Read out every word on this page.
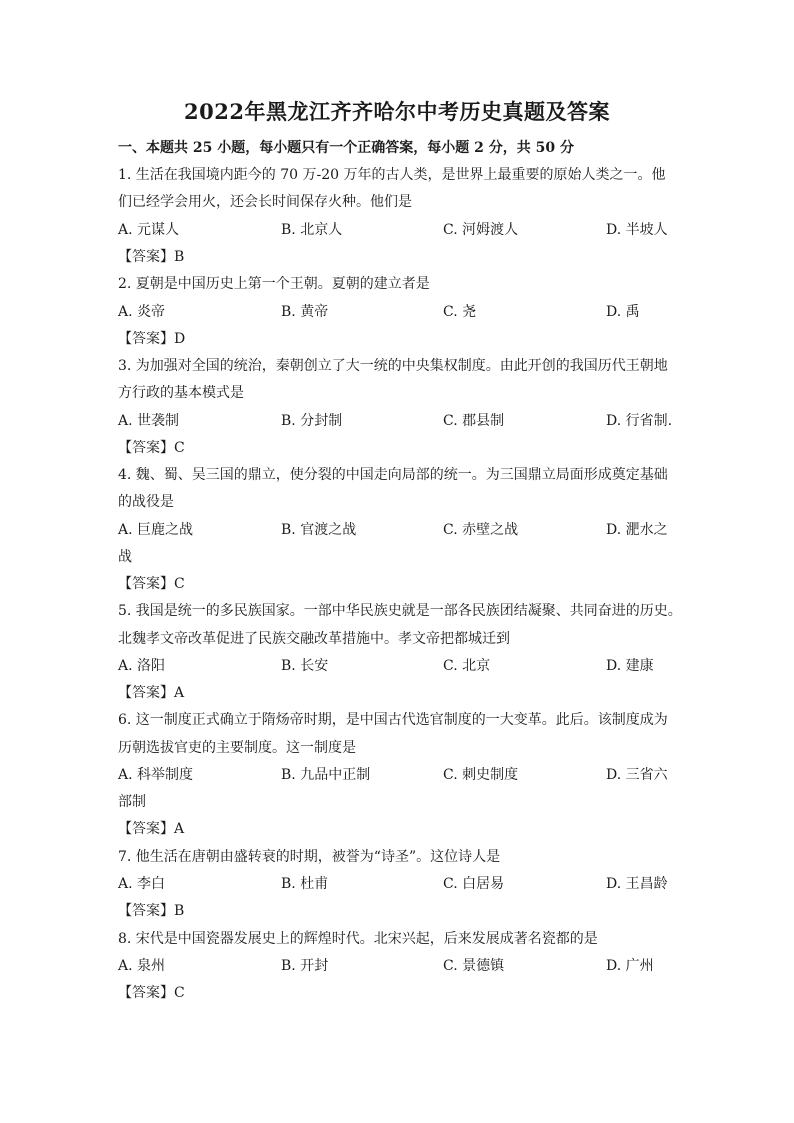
2022年黑龙江齐齐哈尔中考历史真题及答案
一、本题共 25 小题，每小题只有一个正确答案，每小题 2 分，共 50 分
1. 生活在我国境内距今的 70 万-20 万年的古人类，是世界上最重要的原始人类之一。他
们已经学会用火，还会长时间保存火种。他们是
A. 元谋人	B. 北京人	C. 河姆渡人	D. 半坡人
【答案】B
2. 夏朝是中国历史上第一个王朝。夏朝的建立者是
A. 炎帝	B. 黄帝	C. 尧	D. 禹
【答案】D
3. 为加强对全国的统治，秦朝创立了大一统的中央集权制度。由此开创的我国历代王朝地
方行政的基本模式是
A. 世袭制	B. 分封制	C. 郡县制	D. 行省制.
【答案】C
4. 魏、蜀、吴三国的鼎立，使分裂的中国走向局部的统一。为三国鼎立局面形成奠定基础
的战役是
A. 巨鹿之战	B. 官渡之战	C. 赤壁之战	D. 淝水之
战
【答案】C
5. 我国是统一的多民族国家。一部中华民族史就是一部各民族团结凝聚、共同奋进的历史。
北魏孝文帝改革促进了民族交融改革措施中。孝文帝把都城迁到
A. 洛阳	B. 长安	C. 北京	D. 建康
【答案】A
6. 这一制度正式确立于隋炀帝时期，是中国古代选官制度的一大变革。此后。该制度成为
历朝选拔官吏的主要制度。这一制度是
A. 科举制度	B. 九品中正制	C. 刺史制度	D. 三省六
部制
【答案】A
7. 他生活在唐朝由盛转衰的时期，被誉为“诗圣”。这位诗人是
A. 李白	B. 杜甫	C. 白居易	D. 王昌龄
【答案】B
8. 宋代是中国瓷器发展史上的辉煌时代。北宋兴起，后来发展成著名瓷都的是
A. 泉州	B. 开封	C. 景德镇	D. 广州
【答案】C
